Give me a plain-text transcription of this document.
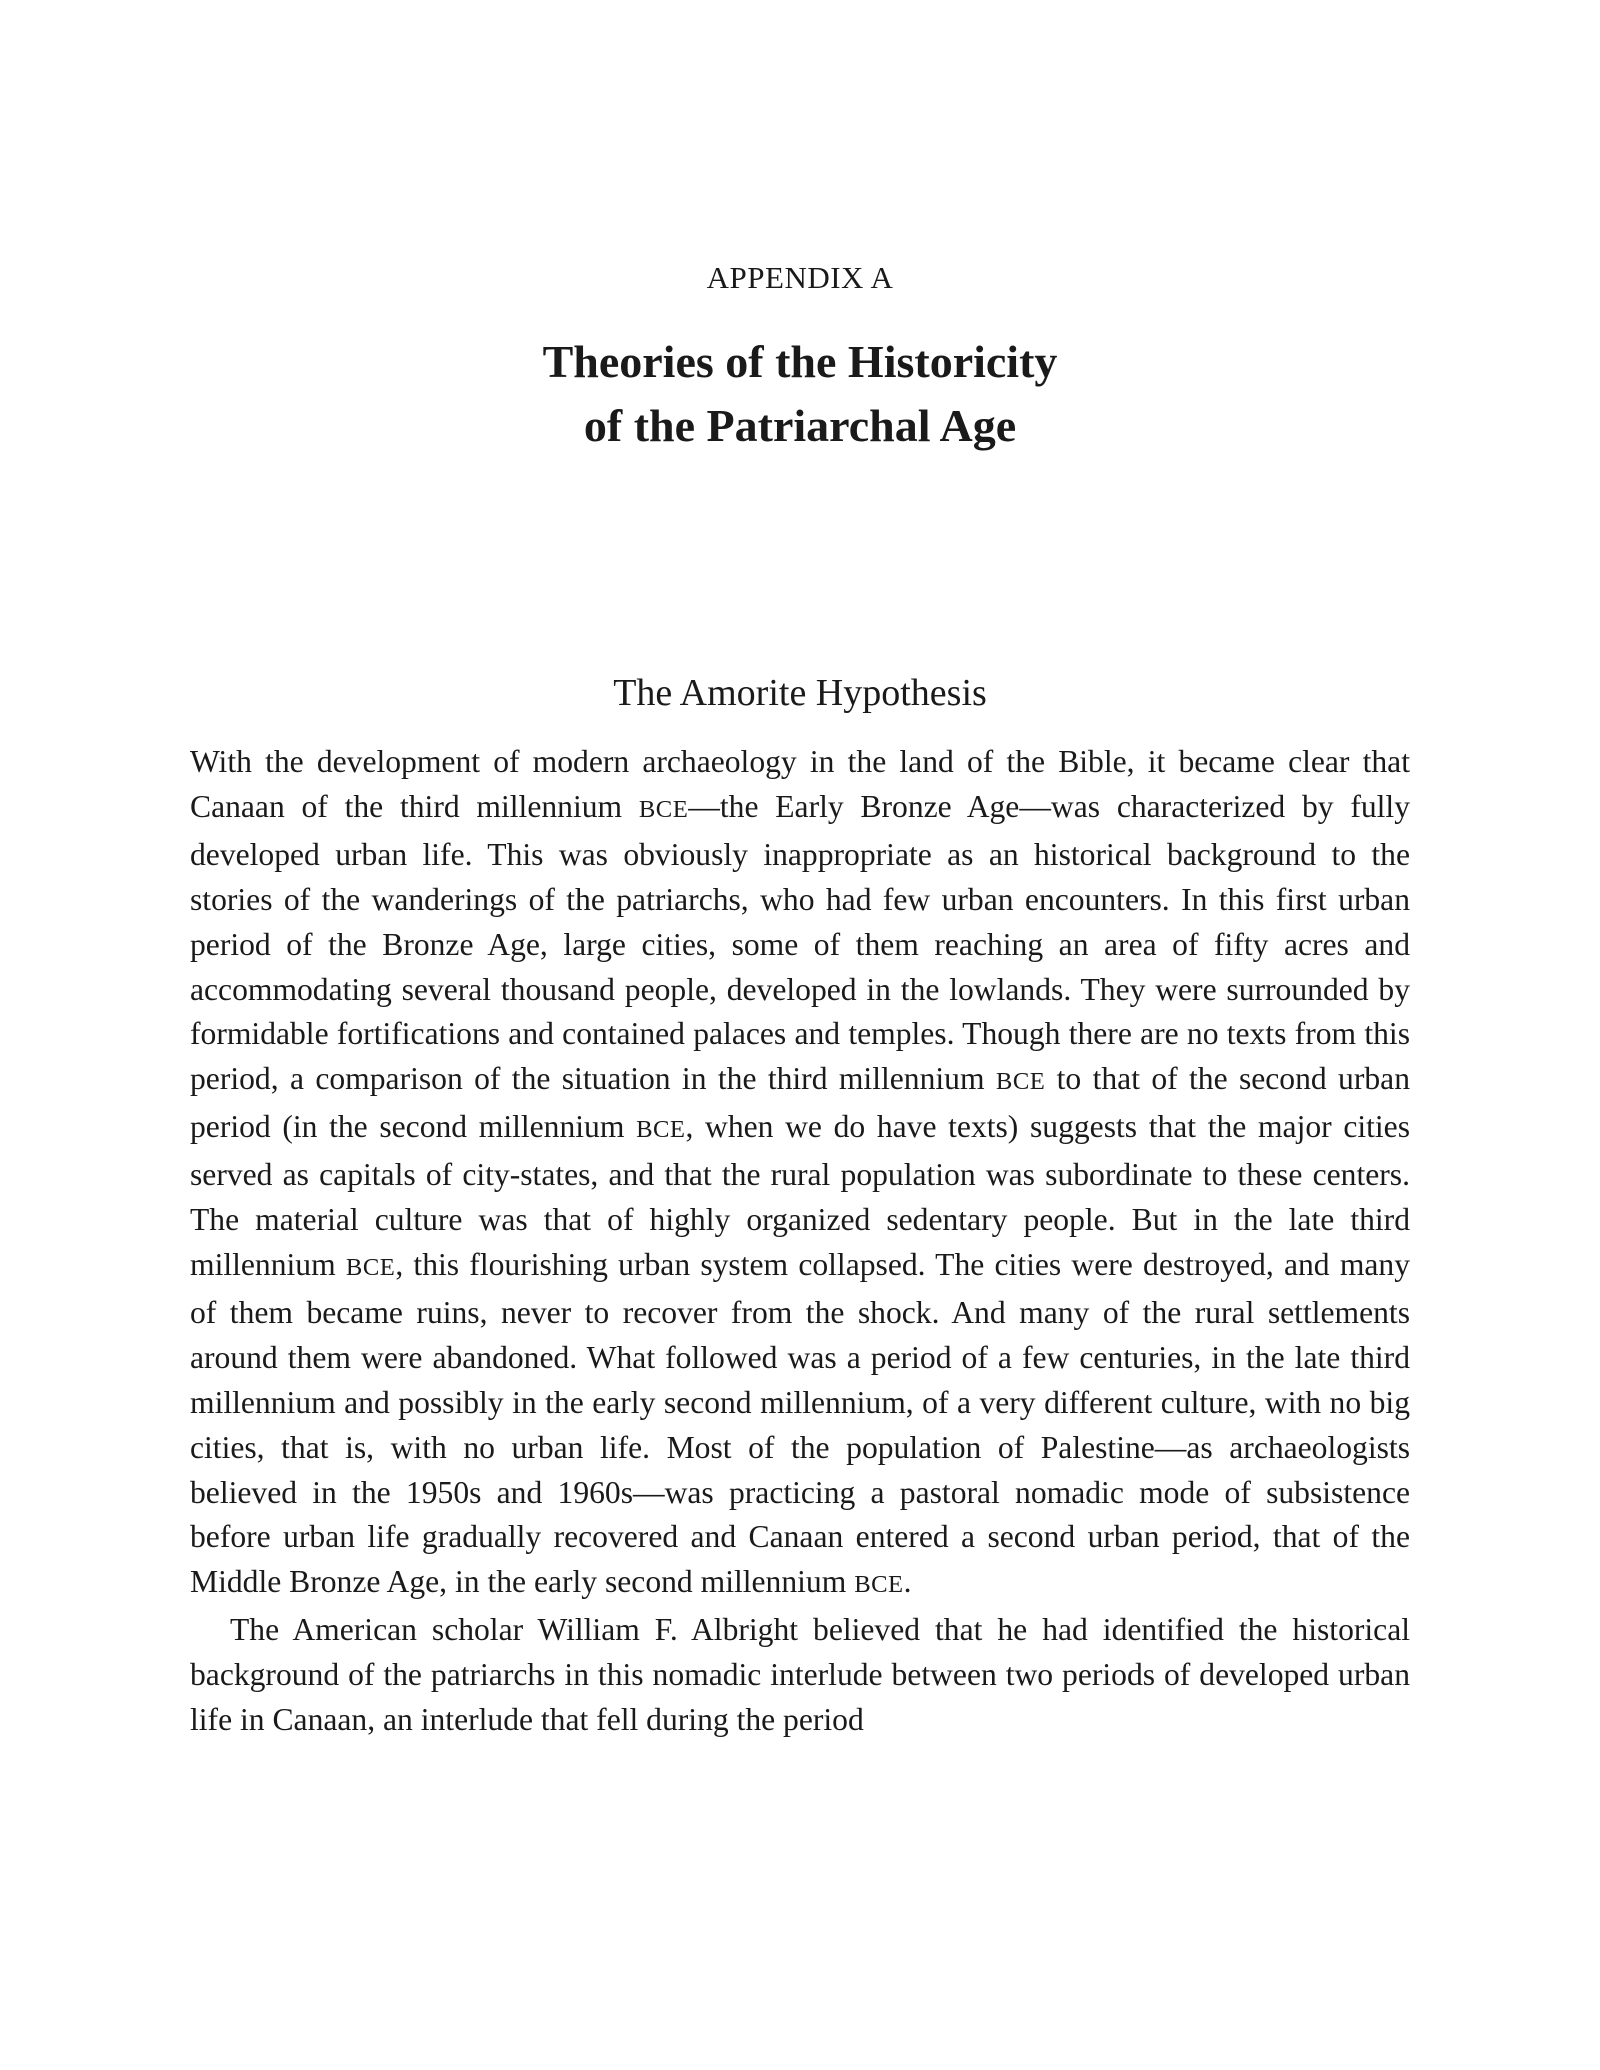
APPENDIX A
Theories of the Historicity
of the Patriarchal Age
The Amorite Hypothesis

With the development of modern archaeology in the land of the Bible, it became clear that Canaan of the third millennium BCE—the Early Bronze Age—was characterized by fully developed urban life. This was obviously inappropriate as an historical background to the stories of the wanderings of the patriarchs, who had few urban encounters. In this first urban period of the Bronze Age, large cities, some of them reaching an area of fifty acres and accommodating several thousand people, developed in the lowlands. They were surrounded by formidable fortifications and contained palaces and temples. Though there are no texts from this period, a comparison of the situation in the third millennium BCE to that of the second urban period (in the second millennium BCE, when we do have texts) suggests that the major cities served as capitals of city-states, and that the rural population was subordinate to these centers. The material culture was that of highly organized sedentary people. But in the late third millennium BCE, this flourishing urban system collapsed. The cities were destroyed, and many of them became ruins, never to recover from the shock. And many of the rural settlements around them were abandoned. What followed was a period of a few centuries, in the late third millennium and possibly in the early second millennium, of a very different culture, with no big cities, that is, with no urban life. Most of the population of Palestine—as archaeologists believed in the 1950s and 1960s—was practicing a pastoral nomadic mode of subsistence before urban life gradually recovered and Canaan entered a second urban period, that of the Middle Bronze Age, in the early second millennium BCE.

The American scholar William F. Albright believed that he had identified the historical background of the patriarchs in this nomadic interlude between two periods of developed urban life in Canaan, an interlude that fell during the period
